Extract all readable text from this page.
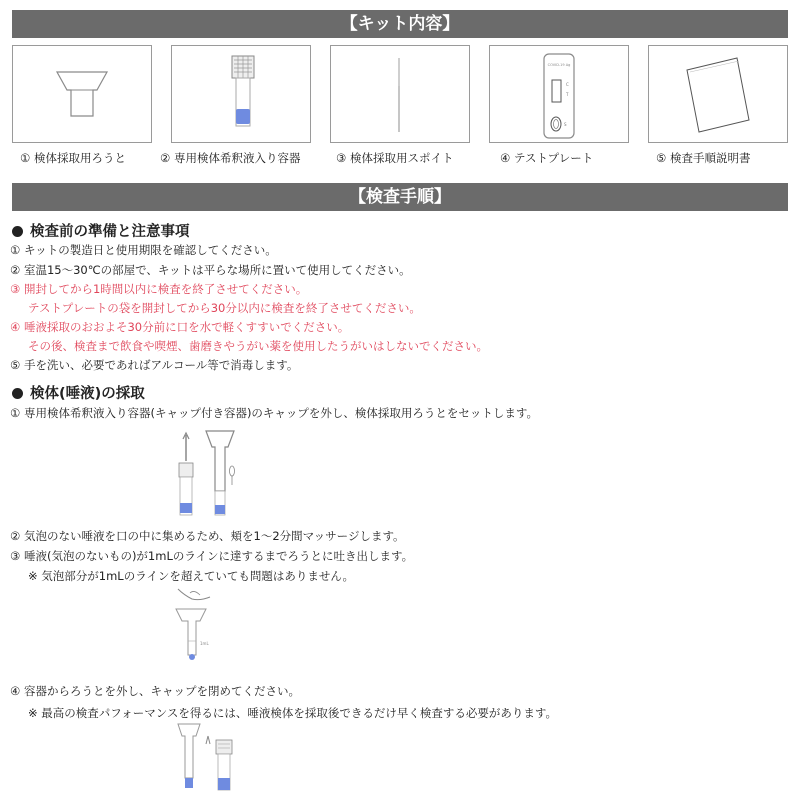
【キット内容】
COVID-19 Ag
C
T
S
① 検体採取用ろうと	② 専用検体希釈液入り容器	③ 検体採取用スポイト	④ テストプレート	⑤ 検査手順説明書
【検査手順】
検査前の準備と注意事項
① キットの製造日と使用期限を確認してください。
② 室温15～30℃の部屋で、キットは平らな場所に置いて使用してください。
③ 開封してから1時間以内に検査を終了させてください。
テストプレートの袋を開封してから30分以内に検査を終了させてください。
④ 唾液採取のおおよそ30分前に口を水で軽くすすいでください。
その後、検査まで飲食や喫煙、歯磨きやうがい薬を使用したうがいはしないでください。
⑤ 手を洗い、必要であればアルコール等で消毒します。
検体(唾液)の採取
① 専用検体希釈液入り容器(キャップ付き容器)のキャップを外し、検体採取用ろうとをセットします。
② 気泡のない唾液を口の中に集めるため、頬を1～2分間マッサージします。
③ 唾液(気泡のないもの)が1mLのラインに達するまでろうとに吐き出します。
※ 気泡部分が1mLのラインを超えていても問題はありません。
1mL
④ 容器からろうとを外し、キャップを閉めてください。
※ 最高の検査パフォーマンスを得るには、唾液検体を採取後できるだけ早く検査する必要があります。
